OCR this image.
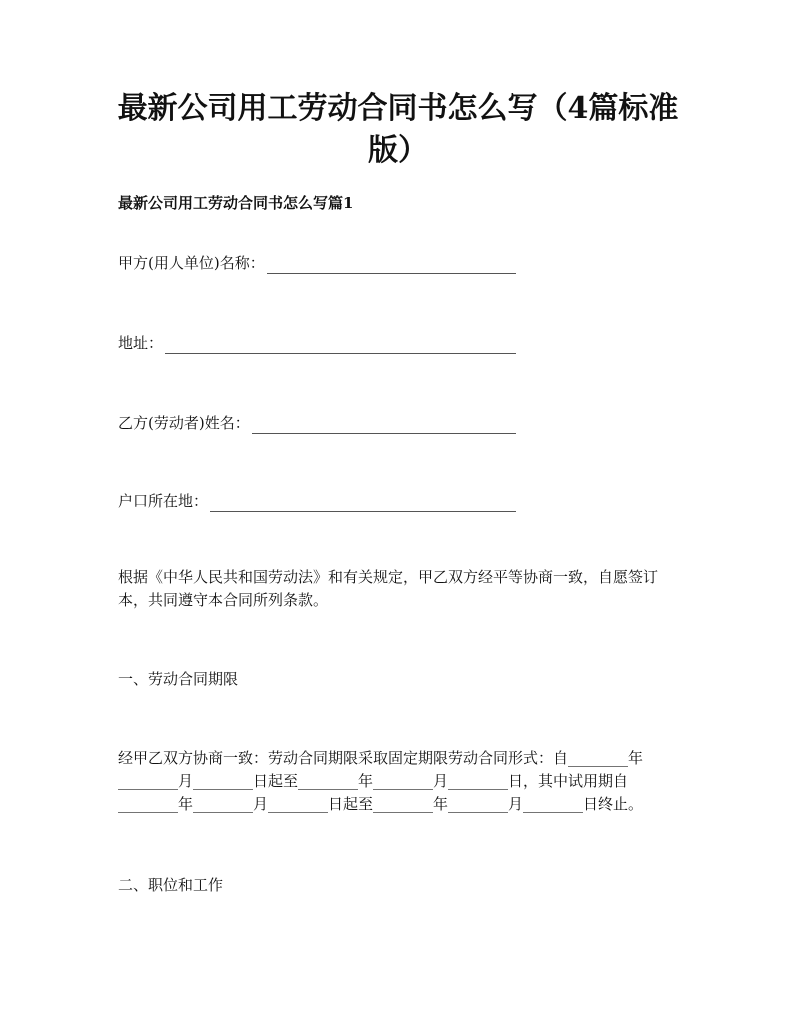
最新公司用工劳动合同书怎么写（4篇标准版）
最新公司用工劳动合同书怎么写篇1
甲方(用人单位)名称：
地址：
乙方(劳动者)姓名：
户口所在地：
根据《中华人民共和国劳动法》和有关规定，甲乙双方经平等协商一致，自愿签订
本，共同遵守本合同所列条款。
一、劳动合同期限
经甲乙双方协商一致：劳动合同期限采取固定期限劳动合同形式：自________年
________月________日起至________年________月________日，其中试用期自
________年________月________日起至________年________月________日终止。
二、职位和工作
